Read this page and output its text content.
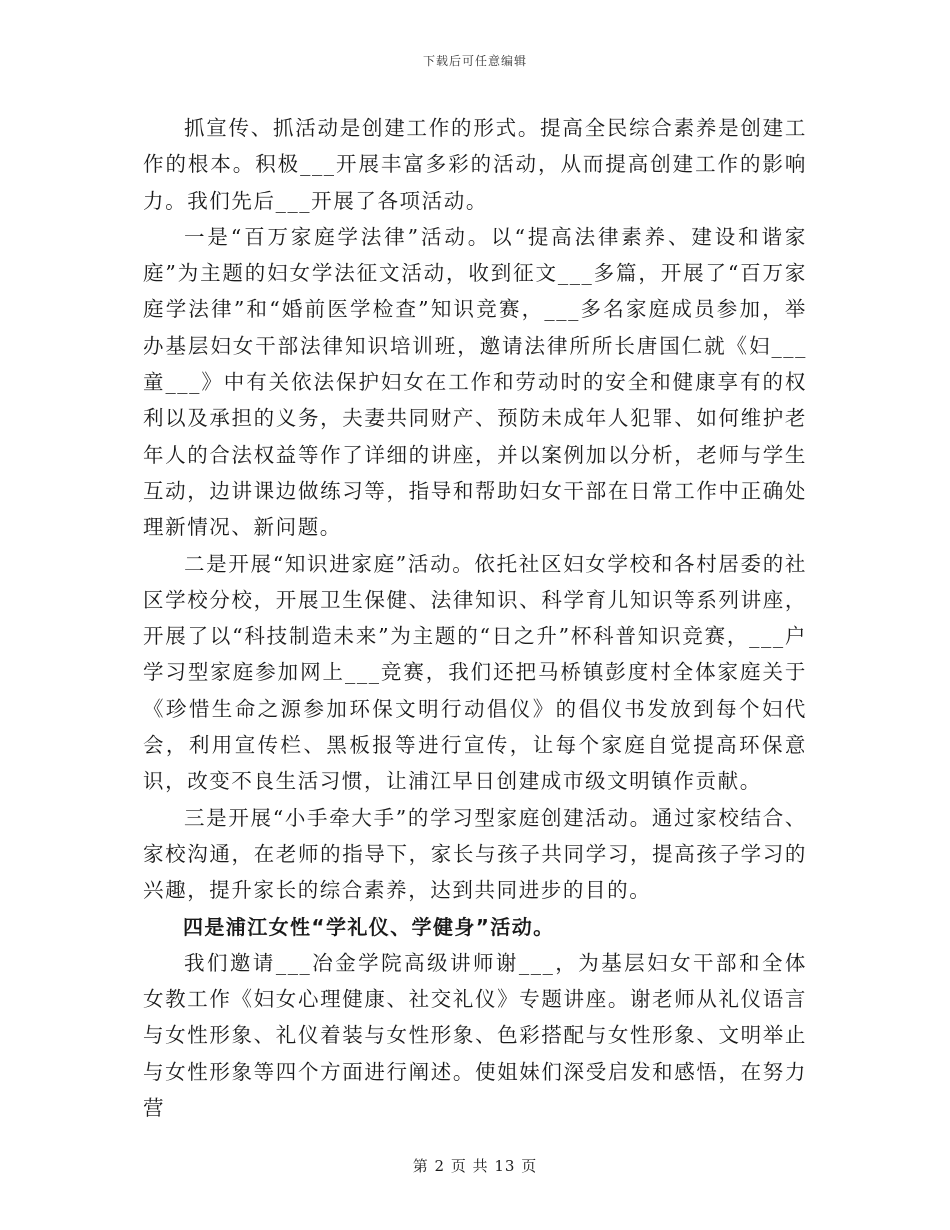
下载后可任意编辑

抓宣传、抓活动是创建工作的形式。提高全民综合素养是创建工作的根本。积极___开展丰富多彩的活动，从而提高创建工作的影响力。我们先后___开展了各项活动。

一是“百万家庭学法律”活动。以“提高法律素养、建设和谐家庭”为主题的妇女学法征文活动，收到征文___多篇，开展了“百万家庭学法律”和“婚前医学检查”知识竞赛，___多名家庭成员参加，举办基层妇女干部法律知识培训班，邀请法律所所长唐国仁就《妇___童___》中有关依法保护妇女在工作和劳动时的安全和健康享有的权利以及承担的义务，夫妻共同财产、预防未成年人犯罪、如何维护老年人的合法权益等作了详细的讲座，并以案例加以分析，老师与学生互动，边讲课边做练习等，指导和帮助妇女干部在日常工作中正确处理新情况、新问题。

二是开展“知识进家庭”活动。依托社区妇女学校和各村居委的社区学校分校，开展卫生保健、法律知识、科学育儿知识等系列讲座，开展了以“科技制造未来”为主题的“日之升”杯科普知识竞赛，___户学习型家庭参加网上___竞赛，我们还把马桥镇彭度村全体家庭关于《珍惜生命之源参加环保文明行动倡仪》的倡仪书发放到每个妇代会，利用宣传栏、黑板报等进行宣传，让每个家庭自觉提高环保意识，改变不良生活习惯，让浦江早日创建成市级文明镇作贡献。

三是开展“小手牵大手”的学习型家庭创建活动。通过家校结合、家校沟通，在老师的指导下，家长与孩子共同学习，提高孩子学习的兴趣，提升家长的综合素养，达到共同进步的目的。

四是浦江女性“学礼仪、学健身”活动。

我们邀请___冶金学院高级讲师谢___，为基层妇女干部和全体女教工作《妇女心理健康、社交礼仪》专题讲座。谢老师从礼仪语言与女性形象、礼仪着装与女性形象、色彩搭配与女性形象、文明举止与女性形象等四个方面进行阐述。使姐妹们深受启发和感悟，在努力营

第 2 页 共 13 页
